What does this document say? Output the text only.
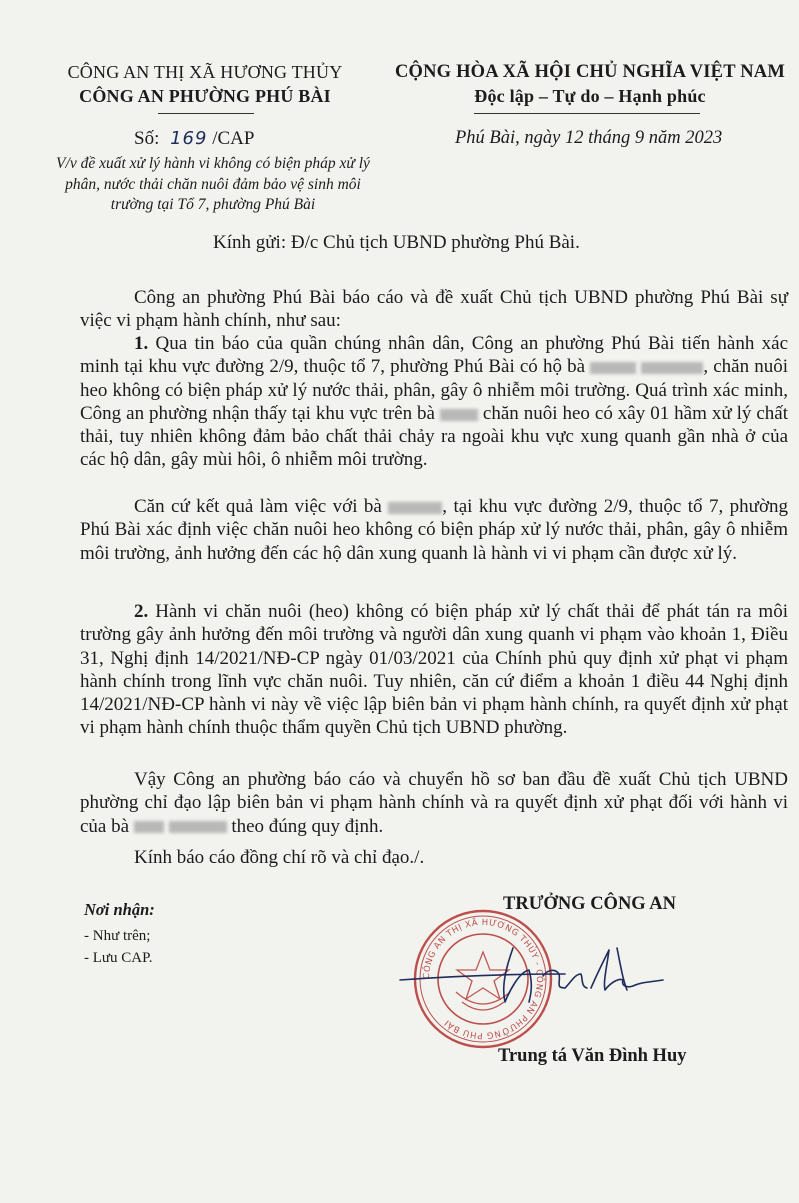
CÔNG AN THỊ XÃ HƯƠNG THỦY
CÔNG AN PHƯỜNG PHÚ BÀI
Số: 169 /CAP
V/v đề xuất xử lý hành vi không có biện pháp xử lý
phân, nước thải chăn nuôi đảm bảo vệ sinh môi
trường tại Tổ 7, phường Phú Bài
CỘNG HÒA XÃ HỘI CHỦ NGHĨA VIỆT NAM
Độc lập – Tự do – Hạnh phúc
Phú Bài, ngày 12 tháng 9 năm 2023
Kính gửi: Đ/c Chủ tịch UBND phường Phú Bài.
Công an phường Phú Bài báo cáo và đề xuất Chủ tịch UBND phường Phú Bài sự việc vi phạm hành chính, như sau:
1. Qua tin báo của quần chúng nhân dân, Công an phường Phú Bài tiến hành xác minh tại khu vực đường 2/9, thuộc tổ 7, phường Phú Bài có hộ bà	, chăn nuôi heo không có biện pháp xử lý nước thải, phân, gây ô nhiễm môi trường. Quá trình xác minh, Công an phường nhận thấy tại khu vực trên bà  chăn nuôi heo có xây 01 hầm xử lý chất thải, tuy nhiên không đảm bảo chất thải chảy ra ngoài khu vực xung quanh gần nhà ở của các hộ dân, gây mùi hôi, ô nhiễm môi trường.
Căn cứ kết quả làm việc với bà	, tại khu vực đường 2/9, thuộc tổ 7, phường Phú Bài xác định việc chăn nuôi heo không có biện pháp xử lý nước thải, phân, gây ô nhiễm môi trường, ảnh hưởng đến các hộ dân xung quanh là hành vi vi phạm cần được xử lý.
2. Hành vi chăn nuôi (heo) không có biện pháp xử lý chất thải để phát tán ra môi trường gây ảnh hưởng đến môi trường và người dân xung quanh vi phạm vào khoản 1, Điều 31, Nghị định 14/2021/NĐ-CP ngày 01/03/2021 của Chính phủ quy định xử phạt vi phạm hành chính trong lĩnh vực chăn nuôi. Tuy nhiên, căn cứ điểm a khoản 1 điều 44 Nghị định 14/2021/NĐ-CP hành vi này về việc lập biên bản vi phạm hành chính, ra quyết định xử phạt vi phạm hành chính thuộc thẩm quyền Chủ tịch UBND phường.
Vậy Công an phường báo cáo và chuyển hồ sơ ban đầu đề xuất Chủ tịch UBND phường chỉ đạo lập biên bản vi phạm hành chính và ra quyết định xử phạt đối với hành vi của bà	theo đúng quy định.
Kính báo cáo đồng chí rõ và chỉ đạo./.
Nơi nhận:
- Như trên;
- Lưu CAP.
TRƯỞNG CÔNG AN
CÔNG AN THỊ XÃ HƯƠNG THỦY - CÔNG AN PHƯỜNG PHÚ BÀI
Trung tá Văn Đình Huy
